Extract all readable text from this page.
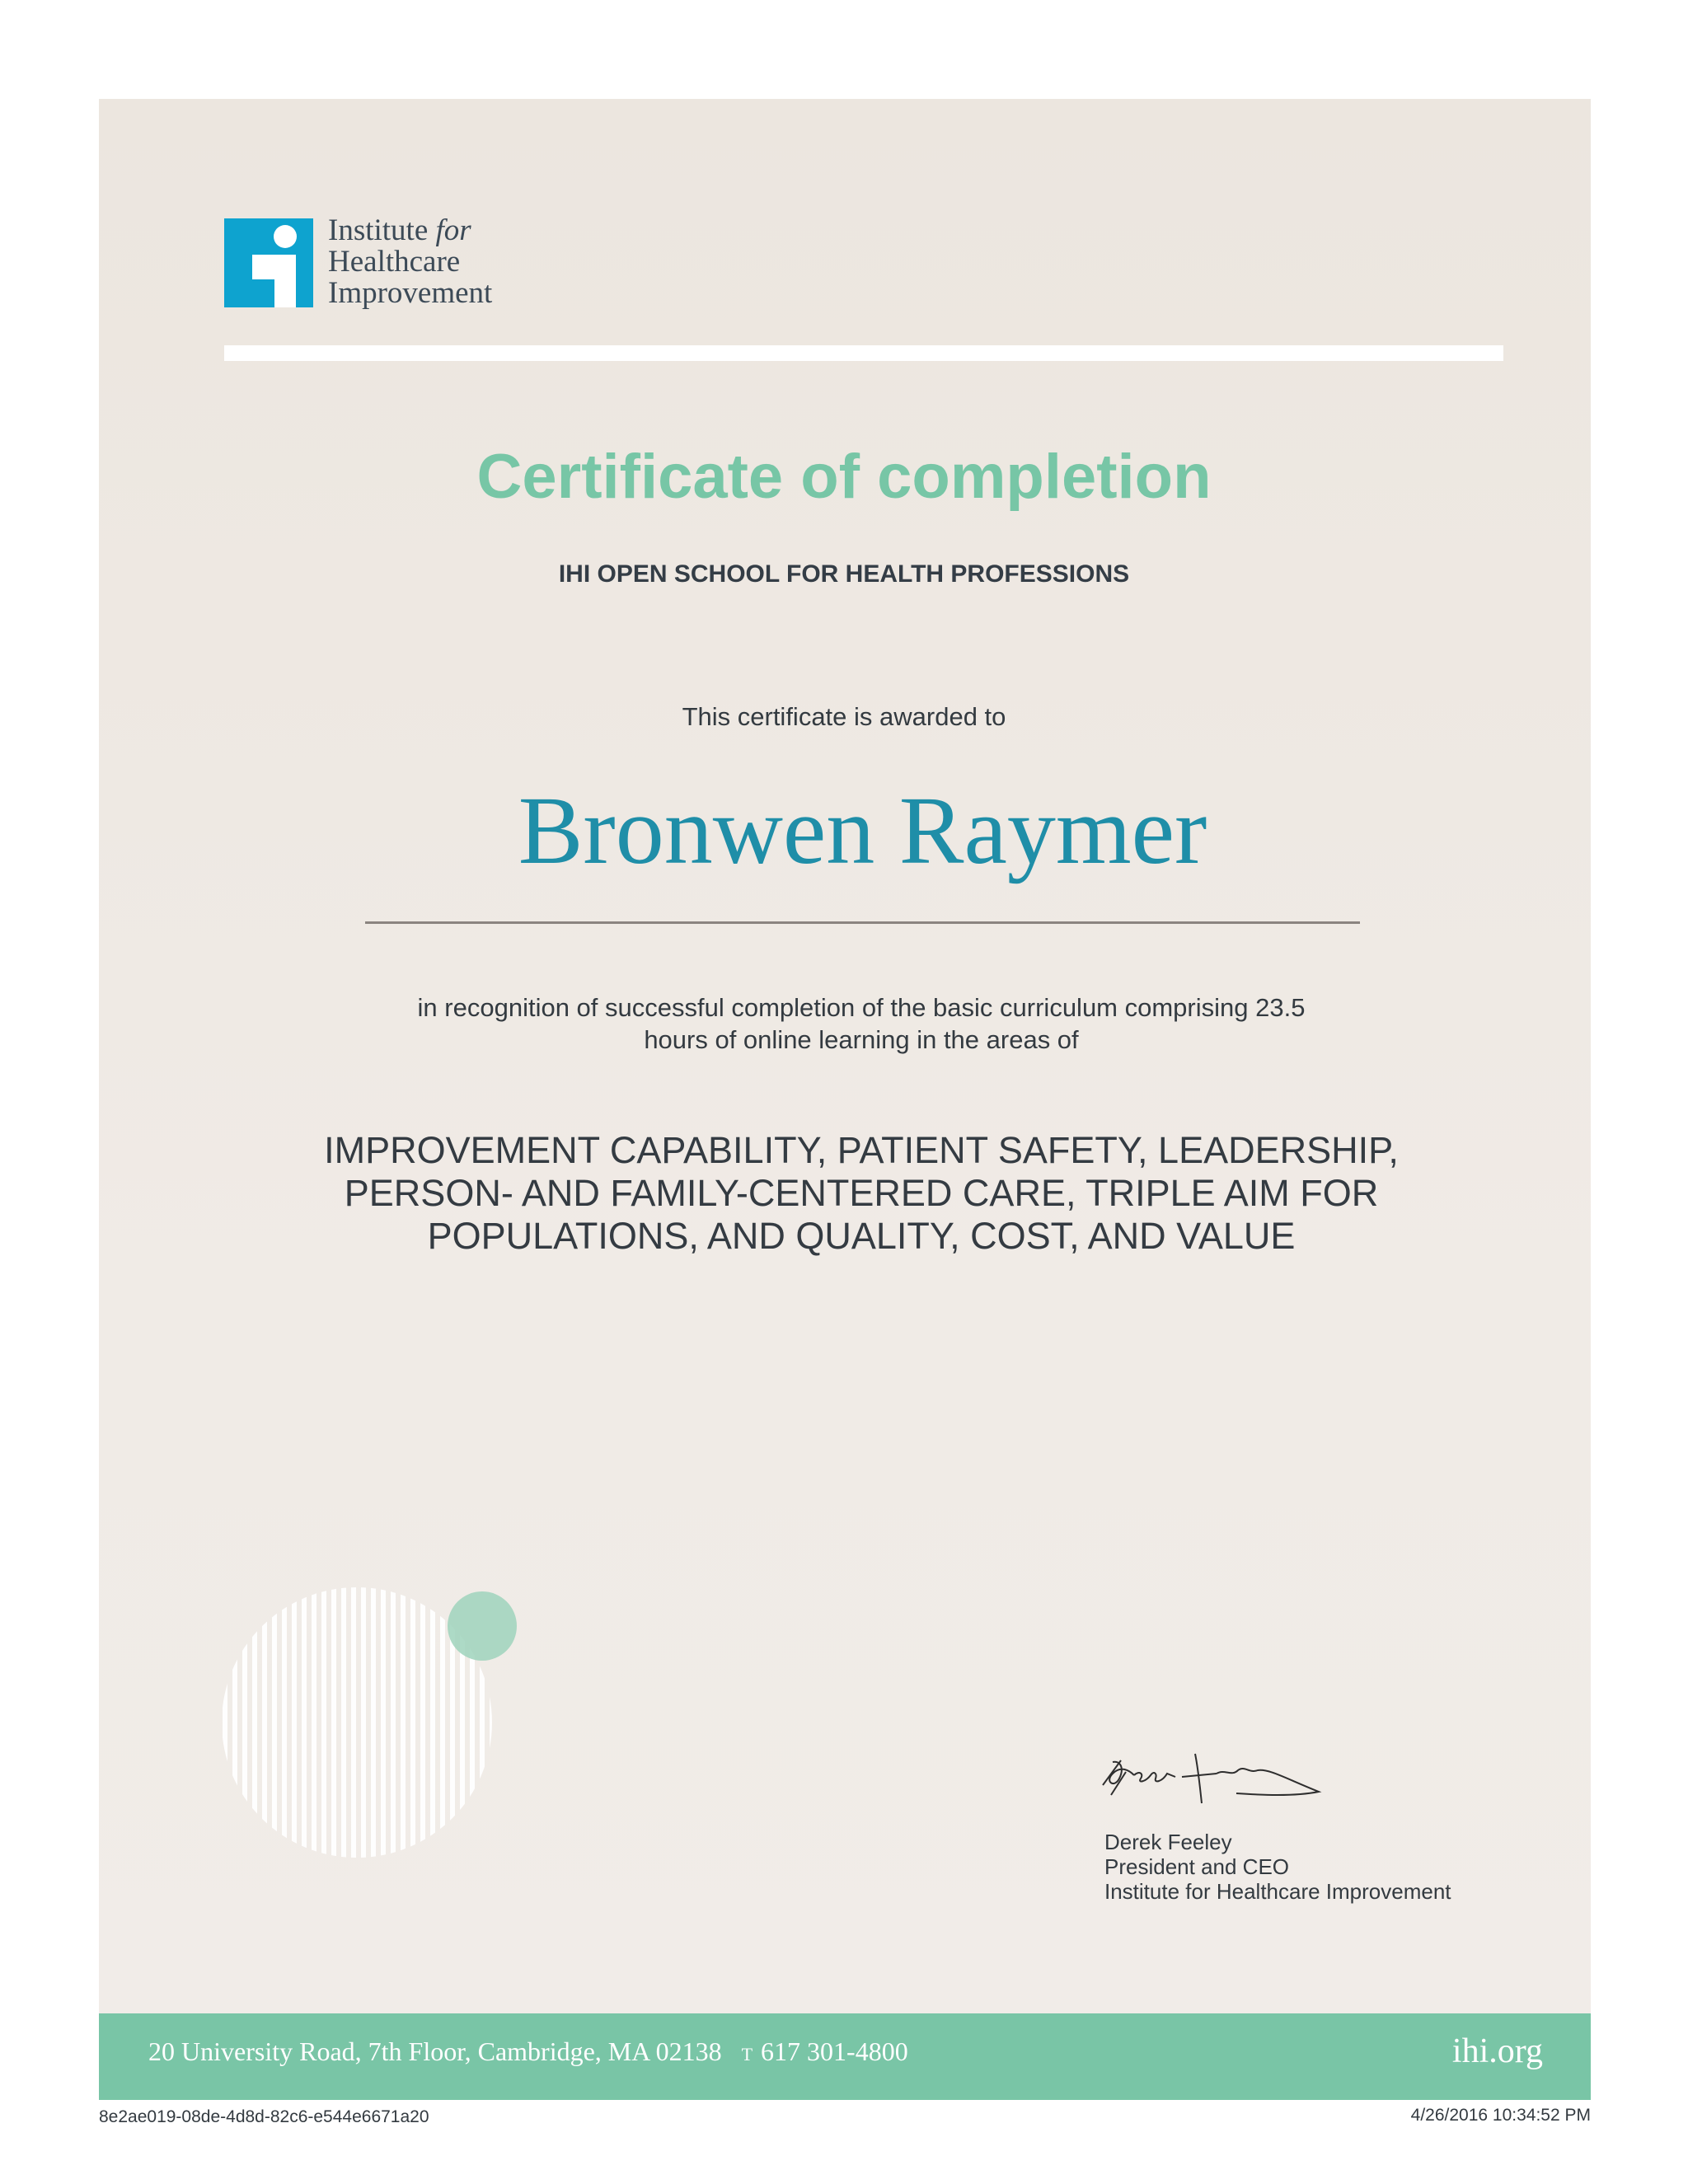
Institute for
Healthcare
Improvement
Certificate of completion
IHI OPEN SCHOOL FOR HEALTH PROFESSIONS
This certificate is awarded to
Bronwen Raymer
in recognition of successful completion of the basic curriculum comprising 23.5
hours of online learning in the areas of
IMPROVEMENT CAPABILITY, PATIENT SAFETY, LEADERSHIP,
PERSON- AND FAMILY-CENTERED CARE, TRIPLE AIM FOR
POPULATIONS, AND QUALITY, COST, AND VALUE
Derek Feeley
President and CEO
Institute for Healthcare Improvement
20 University Road, 7th Floor, Cambridge, MA 02138 T 617 301-4800	ihi.org
8e2ae019-08de-4d8d-82c6-e544e6671a20	4/26/2016 10:34:52 PM
